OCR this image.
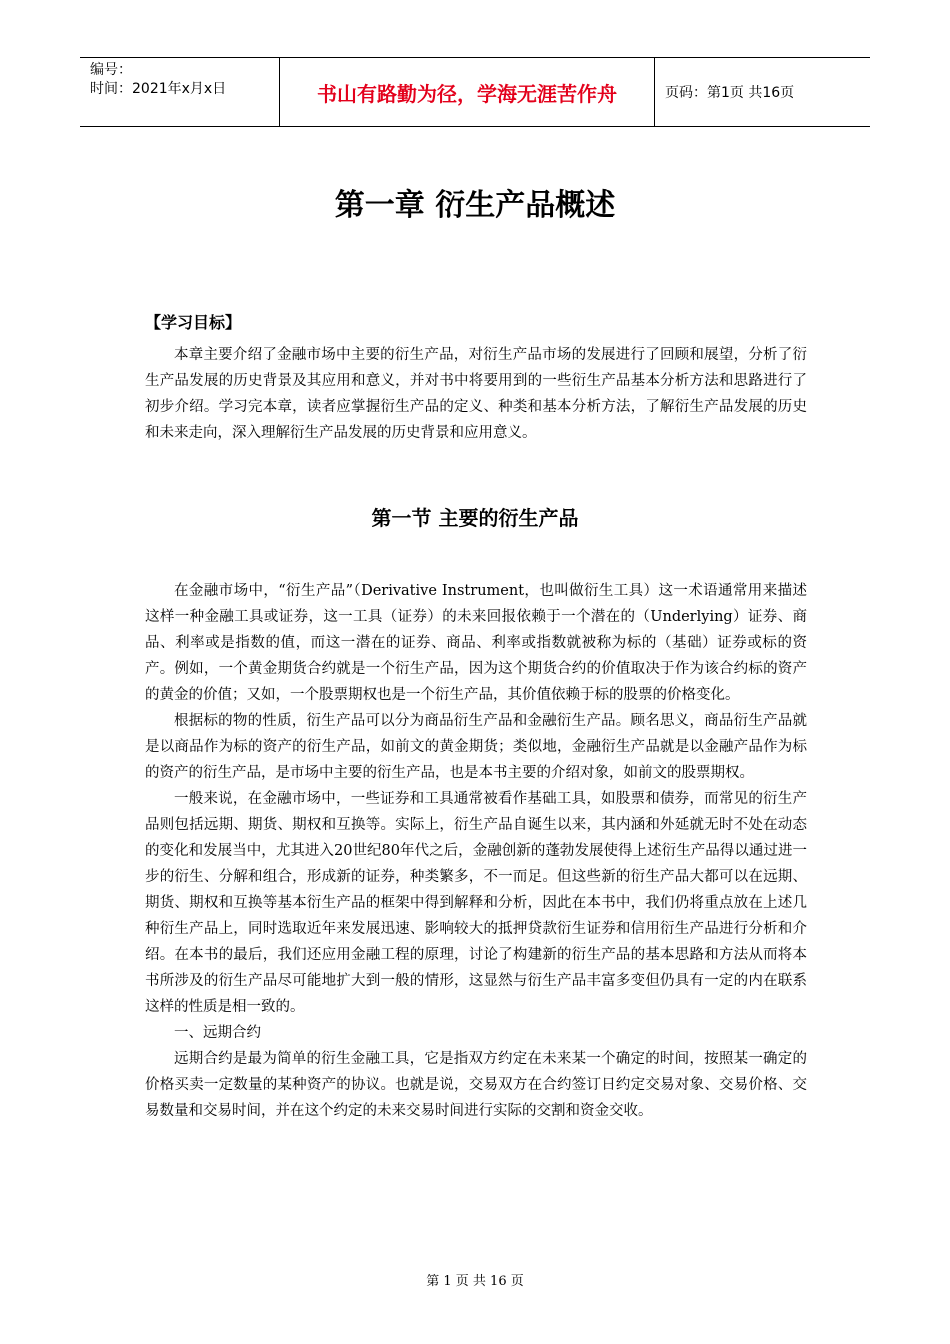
编号：
时间：2021年x月x日	书山有路勤为径，学海无涯苦作舟	页码：第1页 共16页
第一章 衍生产品概述
【学习目标】

本章主要介绍了金融市场中主要的衍生产品，对衍生产品市场的发展进行了回顾和展望，分析了衍生产品发展的历史背景及其应用和意义，并对书中将要用到的一些衍生产品基本分析方法和思路进行了初步介绍。学习完本章，读者应掌握衍生产品的定义、种类和基本分析方法，了解衍生产品发展的历史和未来走向，深入理解衍生产品发展的历史背景和应用意义。

第一节 主要的衍生产品

在金融市场中，“衍生产品”（Derivative Instrument，也叫做衍生工具）这一术语通常用来描述这样一种金融工具或证券，这一工具（证券）的未来回报依赖于一个潜在的（Underlying）证券、商品、利率或是指数的值，而这一潜在的证券、商品、利率或指数就被称为标的（基础）证券或标的资产。例如，一个黄金期货合约就是一个衍生产品，因为这个期货合约的价值取决于作为该合约标的资产的黄金的价值；又如，一个股票期权也是一个衍生产品，其价值依赖于标的股票的价格变化。

根据标的物的性质，衍生产品可以分为商品衍生产品和金融衍生产品。顾名思义，商品衍生产品就是以商品作为标的资产的衍生产品，如前文的黄金期货；类似地，金融衍生产品就是以金融产品作为标的资产的衍生产品，是市场中主要的衍生产品，也是本书主要的介绍对象，如前文的股票期权。

一般来说，在金融市场中，一些证券和工具通常被看作基础工具，如股票和债券，而常见的衍生产品则包括远期、期货、期权和互换等。实际上，衍生产品自诞生以来，其内涵和外延就无时不处在动态的变化和发展当中，尤其进入20世纪80年代之后，金融创新的蓬勃发展使得上述衍生产品得以通过进一步的衍生、分解和组合，形成新的证券，种类繁多，不一而足。但这些新的衍生产品大都可以在远期、期货、期权和互换等基本衍生产品的框架中得到解释和分析，因此在本书中，我们仍将重点放在上述几种衍生产品上，同时选取近年来发展迅速、影响较大的抵押贷款衍生证券和信用衍生产品进行分析和介绍。在本书的最后，我们还应用金融工程的原理，讨论了构建新的衍生产品的基本思路和方法从而将本书所涉及的衍生产品尽可能地扩大到一般的情形，这显然与衍生产品丰富多变但仍具有一定的内在联系这样的性质是相一致的。

一、远期合约

远期合约是最为简单的衍生金融工具，它是指双方约定在未来某一个确定的时间，按照某一确定的价格买卖一定数量的某种资产的协议。也就是说，交易双方在合约签订日约定交易对象、交易价格、交易数量和交易时间，并在这个约定的未来交易时间进行实际的交割和资金交收。

第 1 页 共 16 页
